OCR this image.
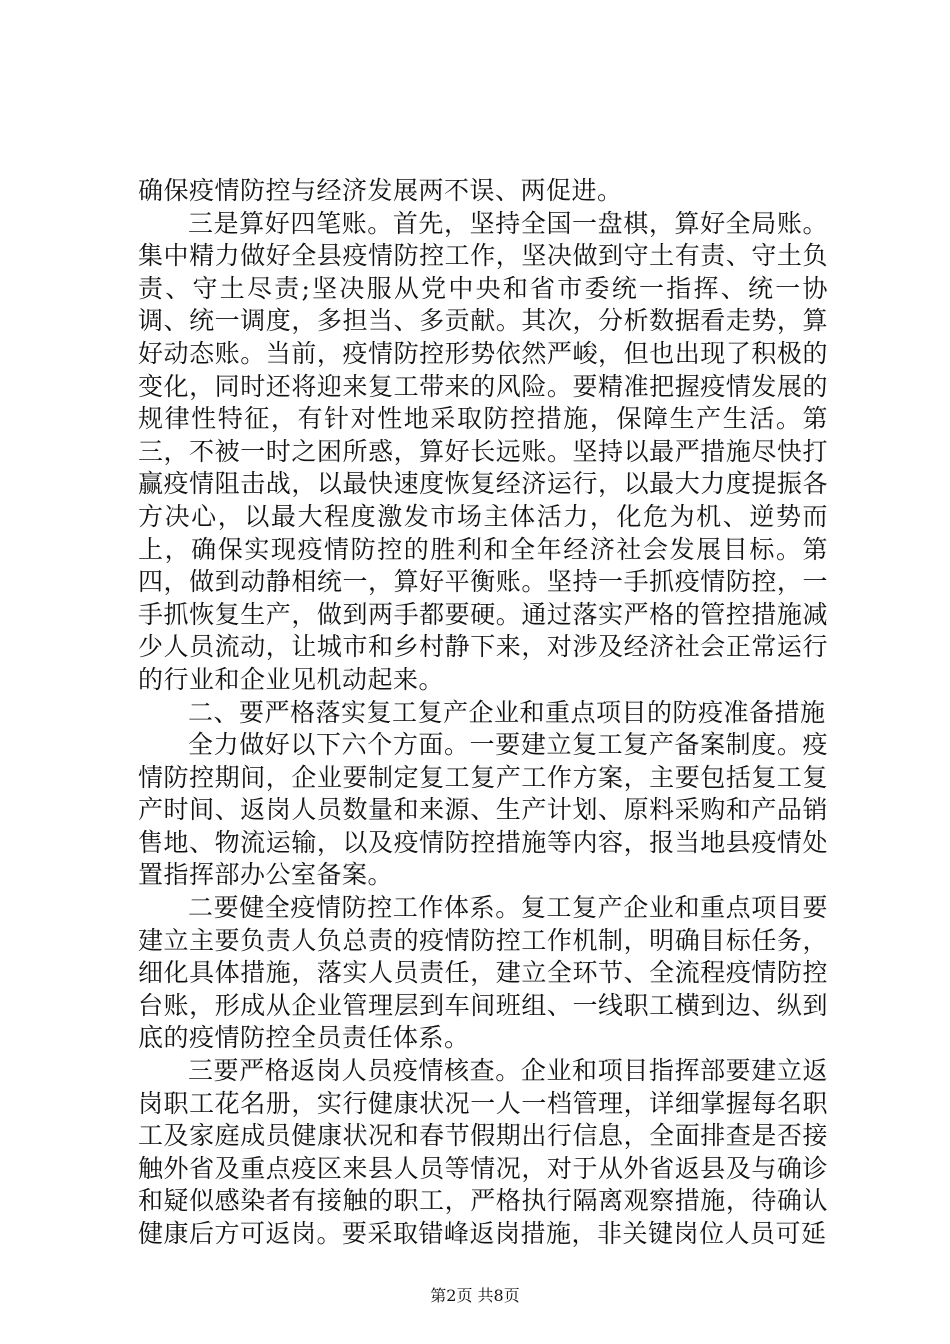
确保疫情防控与经济发展两不误、两促进。

三是算好四笔账。首先，坚持全国一盘棋，算好全局账。集中精力做好全县疫情防控工作，坚决做到守土有责、守土负责、守土尽责;坚决服从党中央和省市委统一指挥、统一协调、统一调度，多担当、多贡献。其次，分析数据看走势，算好动态账。当前，疫情防控形势依然严峻，但也出现了积极的变化，同时还将迎来复工带来的风险。要精准把握疫情发展的规律性特征，有针对性地采取防控措施，保障生产生活。第三，不被一时之困所惑，算好长远账。坚持以最严措施尽快打赢疫情阻击战，以最快速度恢复经济运行，以最大力度提振各方决心，以最大程度激发市场主体活力，化危为机、逆势而上，确保实现疫情防控的胜利和全年经济社会发展目标。第四，做到动静相统一，算好平衡账。坚持一手抓疫情防控，一手抓恢复生产，做到两手都要硬。通过落实严格的管控措施减少人员流动，让城市和乡村静下来，对涉及经济社会正常运行的行业和企业见机动起来。

二、要严格落实复工复产企业和重点项目的防疫准备措施

全力做好以下六个方面。一要建立复工复产备案制度。疫情防控期间，企业要制定复工复产工作方案，主要包括复工复产时间、返岗人员数量和来源、生产计划、原料采购和产品销售地、物流运输，以及疫情防控措施等内容，报当地县疫情处置指挥部办公室备案。

二要健全疫情防控工作体系。复工复产企业和重点项目要建立主要负责人负总责的疫情防控工作机制，明确目标任务，细化具体措施，落实人员责任，建立全环节、全流程疫情防控台账，形成从企业管理层到车间班组、一线职工横到边、纵到底的疫情防控全员责任体系。

三要严格返岗人员疫情核查。企业和项目指挥部要建立返岗职工花名册，实行健康状况一人一档管理，详细掌握每名职工及家庭成员健康状况和春节假期出行信息，全面排查是否接触外省及重点疫区来县人员等情况，对于从外省返县及与确诊和疑似感染者有接触的职工，严格执行隔离观察措施，待确认健康后方可返岗。要采取错峰返岗措施，非关键岗位人员可延

第2页 共8页
